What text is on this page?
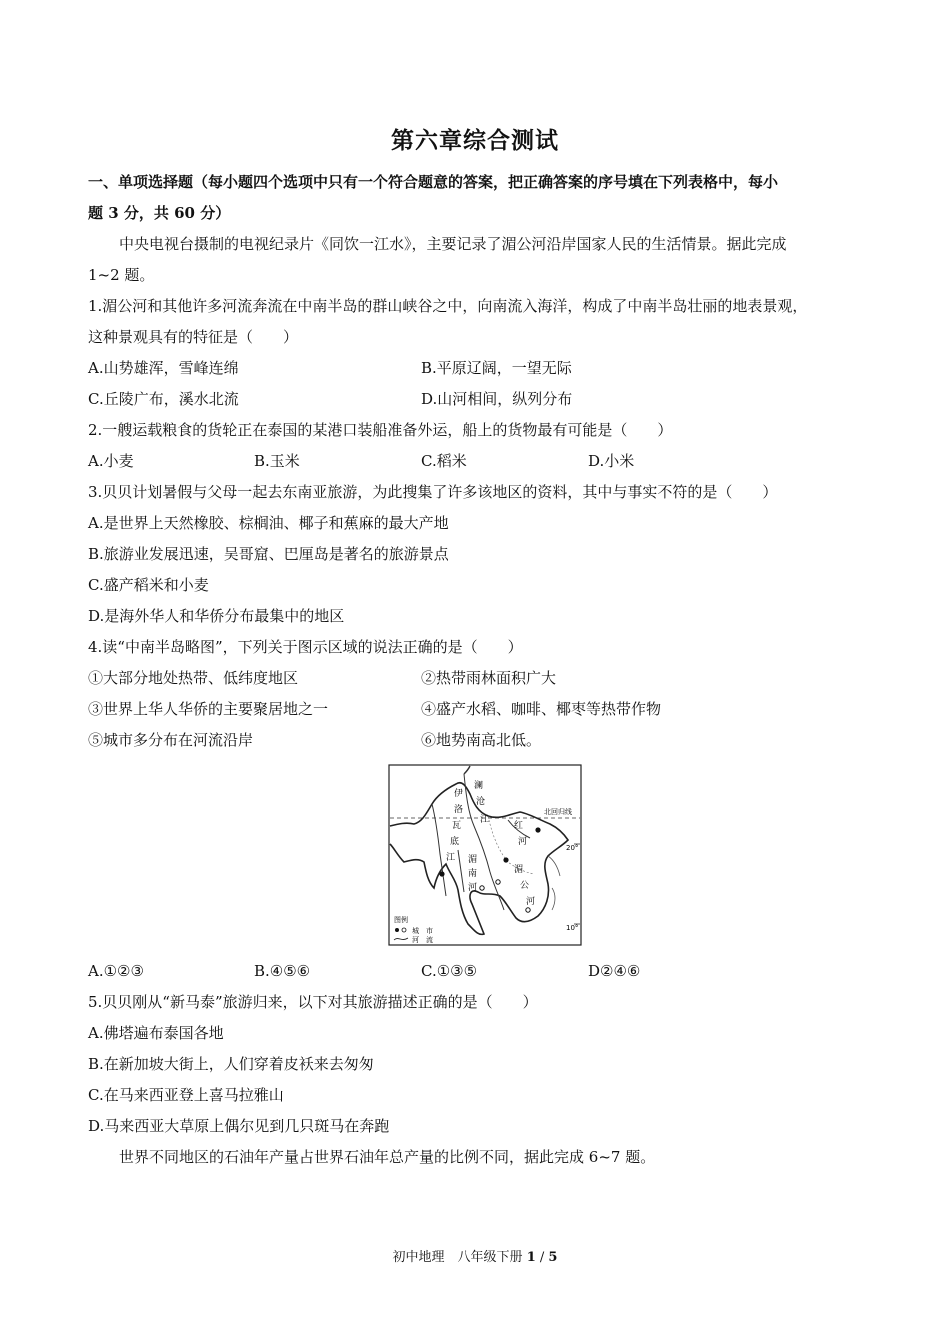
第六章综合测试
一、单项选择题（每小题四个选项中只有一个符合题意的答案，把正确答案的序号填在下列表格中，每小
题 3 分，共 60 分）
中央电视台摄制的电视纪录片《同饮一江水》，主要记录了湄公河沿岸国家人民的生活情景。据此完成
1~2 题。
1.湄公河和其他许多河流奔流在中南半岛的群山峡谷之中，向南流入海洋，构成了中南半岛壮丽的地表景观，
这种景观具有的特征是（　　）
A.山势雄浑，雪峰连绵	B.平原辽阔，一望无际
C.丘陵广布，溪水北流	D.山河相间，纵列分布
2.一艘运载粮食的货轮正在泰国的某港口装船准备外运，船上的货物最有可能是（　　）
A.小麦	B.玉米	C.稻米	D.小米
3.贝贝计划暑假与父母一起去东南亚旅游，为此搜集了许多该地区的资料，其中与事实不符的是（　　）
A.是世界上天然橡胶、棕榈油、椰子和蕉麻的最大产地
B.旅游业发展迅速，吴哥窟、巴厘岛是著名的旅游景点
C.盛产稻米和小麦
D.是海外华人和华侨分布最集中的地区
4.读“中南半岛略图”，下列关于图示区域的说法正确的是（　　）
①大部分地处热带、低纬度地区	②热带雨林面积广大
③世界上华人华侨的主要聚居地之一	④盛产水稻、咖啡、椰枣等热带作物
⑤城市多分布在河流沿岸	⑥地势南高北低。
北回归线
20°
10°
伊
洛
瓦
底
江
澜
沧
江
红
河
湄
南
河
湄
公
河
图例
城　市
河　流
A.①②③	B.④⑤⑥	C.①③⑤	D②④⑥
5.贝贝刚从“新马泰”旅游归来，以下对其旅游描述正确的是（　　）
A.佛塔遍布泰国各地
B.在新加坡大街上，人们穿着皮袄来去匆匆
C.在马来西亚登上喜马拉雅山
D.马来西亚大草原上偶尔见到几只斑马在奔跑
世界不同地区的石油年产量占世界石油年总产量的比例不同，据此完成 6~7 题。
初中地理　八年级下册 1 / 5
